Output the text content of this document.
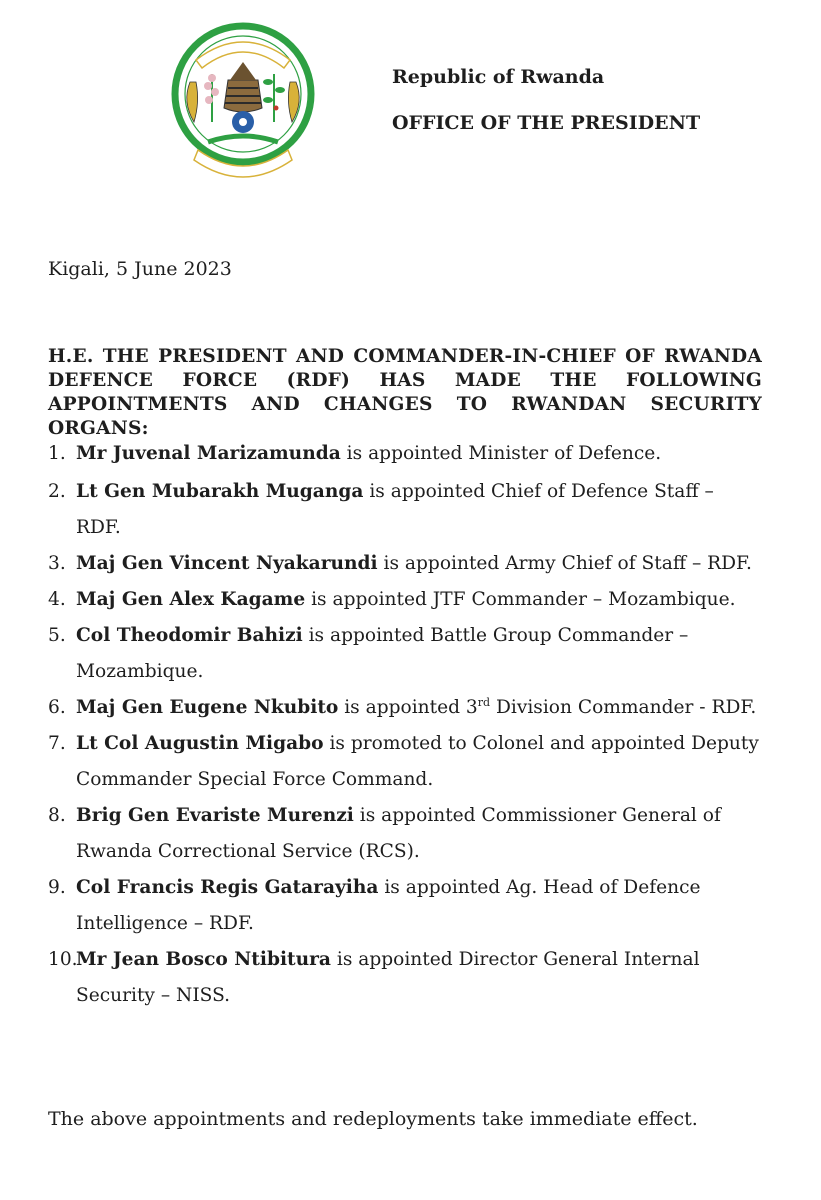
Republic of Rwanda
OFFICE OF THE PRESIDENT
Kigali, 5 June 2023
H.E. THE PRESIDENT AND COMMANDER-IN-CHIEF OF RWANDA DEFENCE FORCE (RDF) HAS MADE THE FOLLOWING APPOINTMENTS AND CHANGES TO RWANDAN SECURITY ORGANS:
1. Mr Juvenal Marizamunda is appointed Minister of Defence.
2. Lt Gen Mubarakh Muganga is appointed Chief of Defence Staff – RDF.
3. Maj Gen Vincent Nyakarundi is appointed Army Chief of Staff – RDF.
4. Maj Gen Alex Kagame is appointed JTF Commander – Mozambique.
5. Col Theodomir Bahizi is appointed Battle Group Commander – Mozambique.
6. Maj Gen Eugene Nkubito is appointed 3rd Division Commander - RDF.
7. Lt Col Augustin Migabo is promoted to Colonel and appointed Deputy Commander Special Force Command.
8. Brig Gen Evariste Murenzi is appointed Commissioner General of Rwanda Correctional Service (RCS).
9. Col Francis Regis Gatarayiha is appointed Ag. Head of Defence Intelligence – RDF.
10.
Mr Jean Bosco Ntibitura is appointed Director General Internal Security – NISS.
The above appointments and redeployments take immediate effect.
